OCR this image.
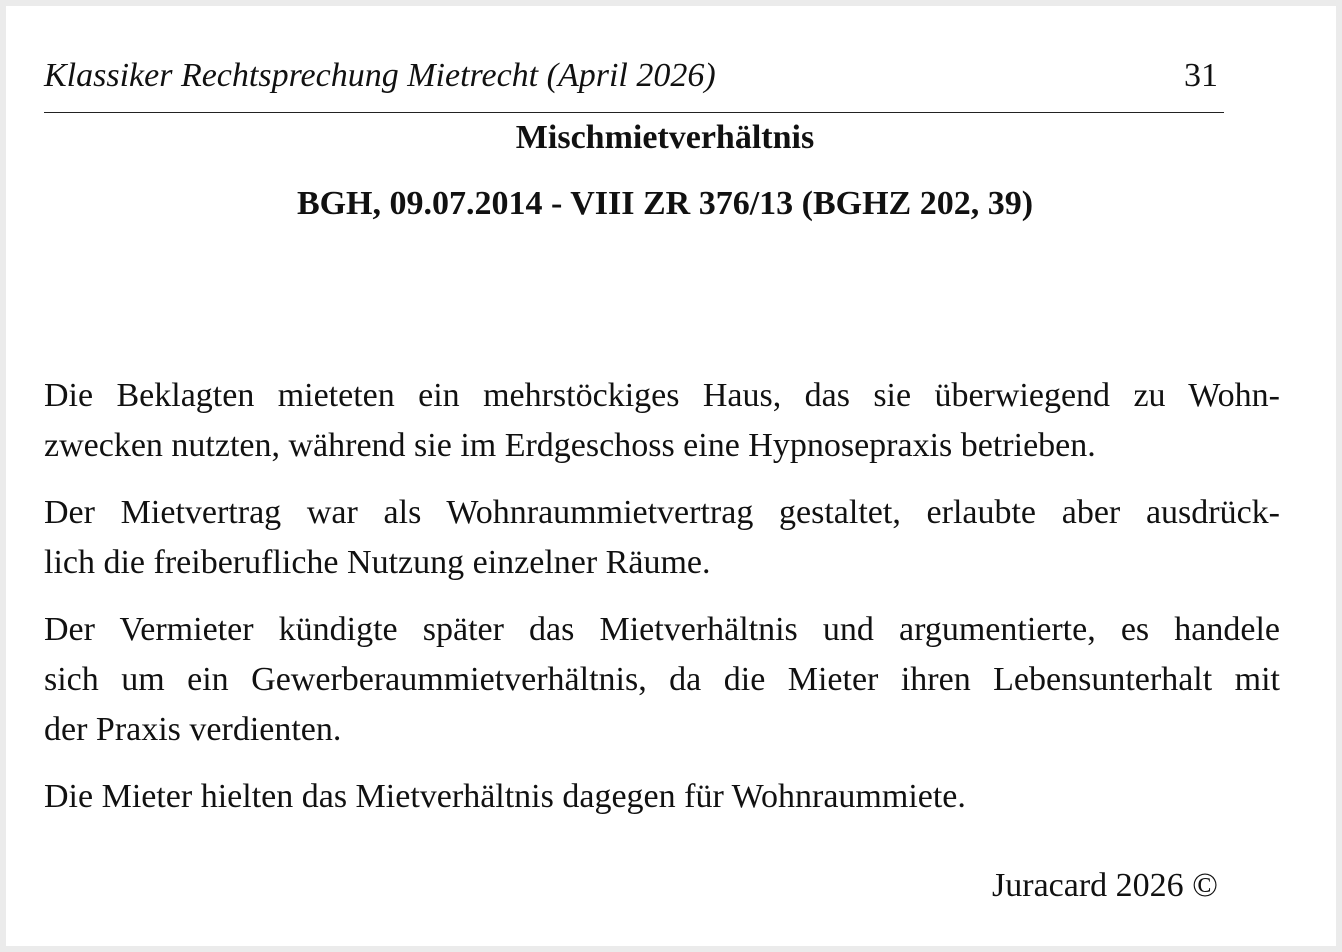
Klassiker Rechtsprechung Mietrecht (April 2026)	31
Mischmietverhältnis
BGH, 09.07.2014 - VIII ZR 376/13 (BGHZ 202, 39)

Die Beklagten mieteten ein mehrstöckiges Haus, das sie überwiegend zu Wohn-
zwecken nutzten, während sie im Erdgeschoss eine Hypnosepraxis betrieben.

Der Mietvertrag war als Wohnraummietvertrag gestaltet, erlaubte aber ausdrück-
lich die freiberufliche Nutzung einzelner Räume.

Der Vermieter kündigte später das Mietverhältnis und argumentierte, es handele
sich um ein Gewerberaummietverhältnis, da die Mieter ihren Lebensunterhalt mit
der Praxis verdienten.

Die Mieter hielten das Mietverhältnis dagegen für Wohnraummiete.

Juracard 2026 ©
